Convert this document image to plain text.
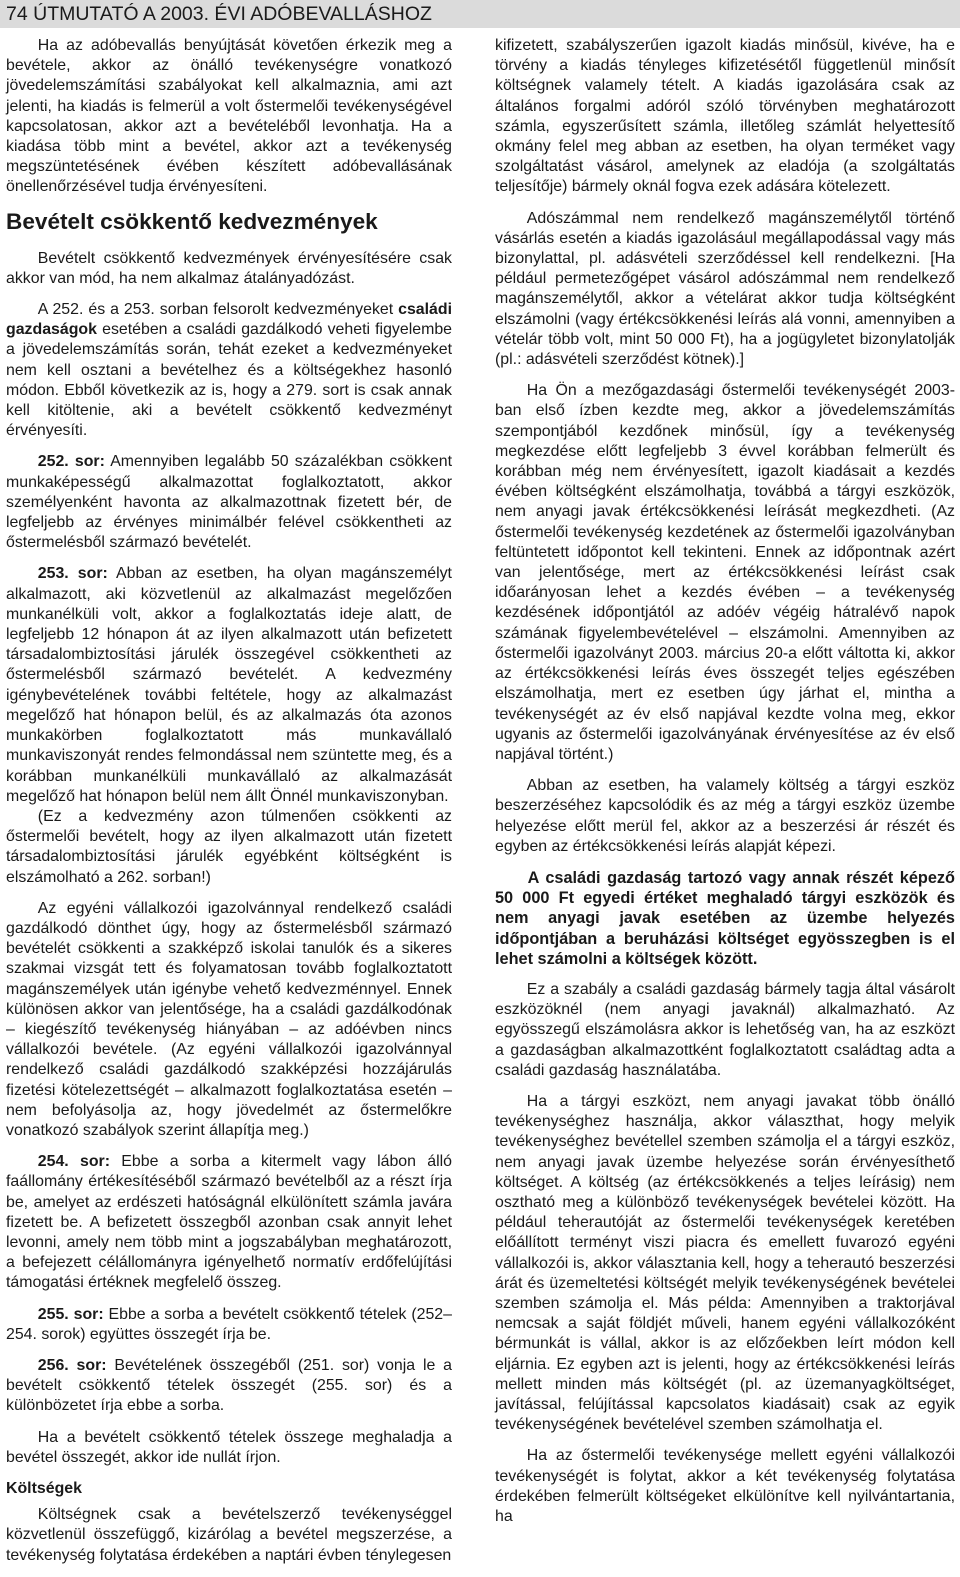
74 ÚTMUTATÓ A 2003. ÉVI ADÓBEVALLÁSHOZ

Ha az adóbevallás benyújtását követően érkezik meg a bevétele, akkor az önálló tevékenységre vonatkozó jövedelemszámítási szabályokat kell alkalmaznia, ami azt jelenti, ha kiadás is felmerül a volt őstermelői tevékenységével kapcsolatosan, akkor azt a bevételéből levonhatja. Ha a kiadása több mint a bevétel, akkor azt a tevékenység megszüntetésének évében készített adóbevallásának önellenőrzésével tudja érvényesíteni.

Bevételt csökkentő kedvezmények

Bevételt csökkentő kedvezmények érvényesítésére csak akkor van mód, ha nem alkalmaz átalányadózást.

A 252. és a 253. sorban felsorolt kedvezményeket családi gazdaságok esetében a családi gazdálkodó veheti figyelembe a jövedelemszámítás során, tehát ezeket a kedvezményeket nem kell osztani a bevételhez és a költségekhez hasonló módon. Ebből következik az is, hogy a 279. sort is csak annak kell kitöltenie, aki a bevételt csökkentő kedvezményt érvényesíti.

252. sor: Amennyiben legalább 50 százalékban csökkent munkaképességű alkalmazottat foglalkoztatott, akkor személyenként havonta az alkalmazottnak fizetett bér, de legfeljebb az érvényes minimálbér felével csökkentheti az őstermelésből származó bevételét.

253. sor: Abban az esetben, ha olyan magánszemélyt alkalmazott, aki közvetlenül az alkalmazást megelőzően munkanélküli volt, akkor a foglalkoztatás ideje alatt, de legfeljebb 12 hónapon át az ilyen alkalmazott után befizetett társadalombiztosítási járulék összegével csökkentheti az őstermelésből származó bevételét. A kedvezmény igénybevételének további feltétele, hogy az alkalmazást megelőző hat hónapon belül, és az alkalmazás óta azonos munkakörben foglalkoztatott más munkavállaló munkaviszonyát rendes felmondással nem szüntette meg, és a korábban munkanélküli munkavállaló az alkalmazását megelőző hat hónapon belül nem állt Önnél munkaviszonyban.

(Ez a kedvezmény azon túlmenően csökkenti az őstermelői bevételt, hogy az ilyen alkalmazott után fizetett társadalombiztosítási járulék egyébként költségként is elszámolható a 262. sorban!)

Az egyéni vállalkozói igazolvánnyal rendelkező családi gazdálkodó dönthet úgy, hogy az őstermelésből származó bevételét csökkenti a szakképző iskolai tanulók és a sikeres szakmai vizsgát tett és folyamatosan tovább foglalkoztatott magánszemélyek után igénybe vehető kedvezménnyel. Ennek különösen akkor van jelentősége, ha a családi gazdálkodónak – kiegészítő tevékenység hiányában – az adóévben nincs vállalkozói bevétele. (Az egyéni vállalkozói igazolvánnyal rendelkező családi gazdálkodó szakképzési hozzájárulás fizetési kötelezettségét – alkalmazott foglalkoztatása esetén – nem befolyásolja az, hogy jövedelmét az őstermelőkre vonatkozó szabályok szerint állapítja meg.)

254. sor: Ebbe a sorba a kitermelt vagy lábon álló faállomány értékesítéséből származó bevételből az a részt írja be, amelyet az erdészeti hatóságnál elkülönített számla javára fizetett be. A befizetett összegből azonban csak annyit lehet levonni, amely nem több mint a jogszabályban meghatározott, a befejezett célállományra igényelhető normatív erdőfelújítási támogatási értéknek megfelelő összeg.

255. sor: Ebbe a sorba a bevételt csökkentő tételek (252–254. sorok) együttes összegét írja be.

256. sor: Bevételének összegéből (251. sor) vonja le a bevételt csökkentő tételek összegét (255. sor) és a különbözetet írja ebbe a sorba.

Ha a bevételt csökkentő tételek összege meghaladja a bevétel összegét, akkor ide nullát írjon.

Költségek

Költségnek csak a bevételszerző tevékenységgel közvetlenül összefüggő, kizárólag a bevétel megszerzése, a tevékenység folytatása érdekében a naptári évben ténylegesen

kifizetett, szabályszerűen igazolt kiadás minősül, kivéve, ha e törvény a kiadás tényleges kifizetésétől függetlenül minősít költségnek valamely tételt. A kiadás igazolására csak az általános forgalmi adóról szóló törvényben meghatározott számla, egyszerűsített számla, illetőleg számlát helyettesítő okmány felel meg abban az esetben, ha olyan terméket vagy szolgáltatást vásárol, amelynek az eladója (a szolgáltatás teljesítője) bármely oknál fogva ezek adására kötelezett.

Adószámmal nem rendelkező magánszemélytől történő vásárlás esetén a kiadás igazolásául megállapodással vagy más bizonylattal, pl. adásvételi szerződéssel kell rendelkezni. [Ha például permetezőgépet vásárol adószámmal nem rendelkező magánszemélytől, akkor a vételárat akkor tudja költségként elszámolni (vagy értékcsökkenési leírás alá vonni, amennyiben a vételár több volt, mint 50 000 Ft), ha a jogügyletet bizonylatolják (pl.: adásvételi szerződést kötnek).]

Ha Ön a mezőgazdasági őstermelői tevékenységét 2003-ban első ízben kezdte meg, akkor a jövedelemszámítás szempontjából kezdőnek minősül, így a tevékenység megkezdése előtt legfeljebb 3 évvel korábban felmerült és korábban még nem érvényesített, igazolt kiadásait a kezdés évében költségként elszámolhatja, továbbá a tárgyi eszközök, nem anyagi javak értékcsökkenési leírását megkezdheti. (Az őstermelői tevékenység kezdetének az őstermelői igazolványban feltüntetett időpontot kell tekinteni. Ennek az időpontnak azért van jelentősége, mert az értékcsökkenési leírást csak időarányosan lehet a kezdés évében – a tevékenység kezdésének időpontjától az adóév végéig hátralévő napok számának figyelembevételével – elszámolni. Amennyiben az őstermelői igazolványt 2003. március 20-a előtt váltotta ki, akkor az értékcsökkenési leírás éves összegét teljes egészében elszámolhatja, mert ez esetben úgy járhat el, mintha a tevékenységét az év első napjával kezdte volna meg, ekkor ugyanis az őstermelői igazolványának érvényesítése az év első napjával történt.)

Abban az esetben, ha valamely költség a tárgyi eszköz beszerzéséhez kapcsolódik és az még a tárgyi eszköz üzembe helyezése előtt merül fel, akkor az a beszerzési ár részét és egyben az értékcsökkenési leírás alapját képezi.

A családi gazdaság tartozó vagy annak részét képező 50 000 Ft egyedi értéket meghaladó tárgyi eszközök és nem anyagi javak esetében az üzembe helyezés időpontjában a beruházási költséget egyösszegben is el lehet számolni a költségek között.

Ez a szabály a családi gazdaság bármely tagja által vásárolt eszközöknél (nem anyagi javaknál) alkalmazható. Az egyösszegű elszámolásra akkor is lehetőség van, ha az eszközt a gazdaságban alkalmazottként foglalkoztatott családtag adta a családi gazdaság használatába.

Ha a tárgyi eszközt, nem anyagi javakat több önálló tevékenységhez használja, akkor választhat, hogy melyik tevékenységhez bevétellel szemben számolja el a tárgyi eszköz, nem anyagi javak üzembe helyezése során érvényesíthető költséget. A költség (az értékcsökkenés a teljes leírásig) nem osztható meg a különböző tevékenységek bevételei között. Ha például teherautóját az őstermelői tevékenységek keretében előállított terményt viszi piacra és emellett fuvarozó egyéni vállalkozói is, akkor választania kell, hogy a teherautó beszerzési árát és üzemeltetési költségét melyik tevékenységének bevételei szemben számolja el. Más példa: Amennyiben a traktorjával nemcsak a saját földjét műveli, hanem egyéni vállalkozóként bérmunkát is vállal, akkor is az előzőekben leírt módon kell eljárnia. Ez egyben azt is jelenti, hogy az értékcsökkenési leírás mellett minden más költségét (pl. az üzemanyagköltséget, javítással, felújítással kapcsolatos kiadásait) csak az egyik tevékenységének bevételével szemben számolhatja el.

Ha az őstermelői tevékenysége mellett egyéni vállalkozói tevékenységét is folytat, akkor a két tevékenység folytatása érdekében felmerült költségeket elkülönítve kell nyilvántartania, ha
